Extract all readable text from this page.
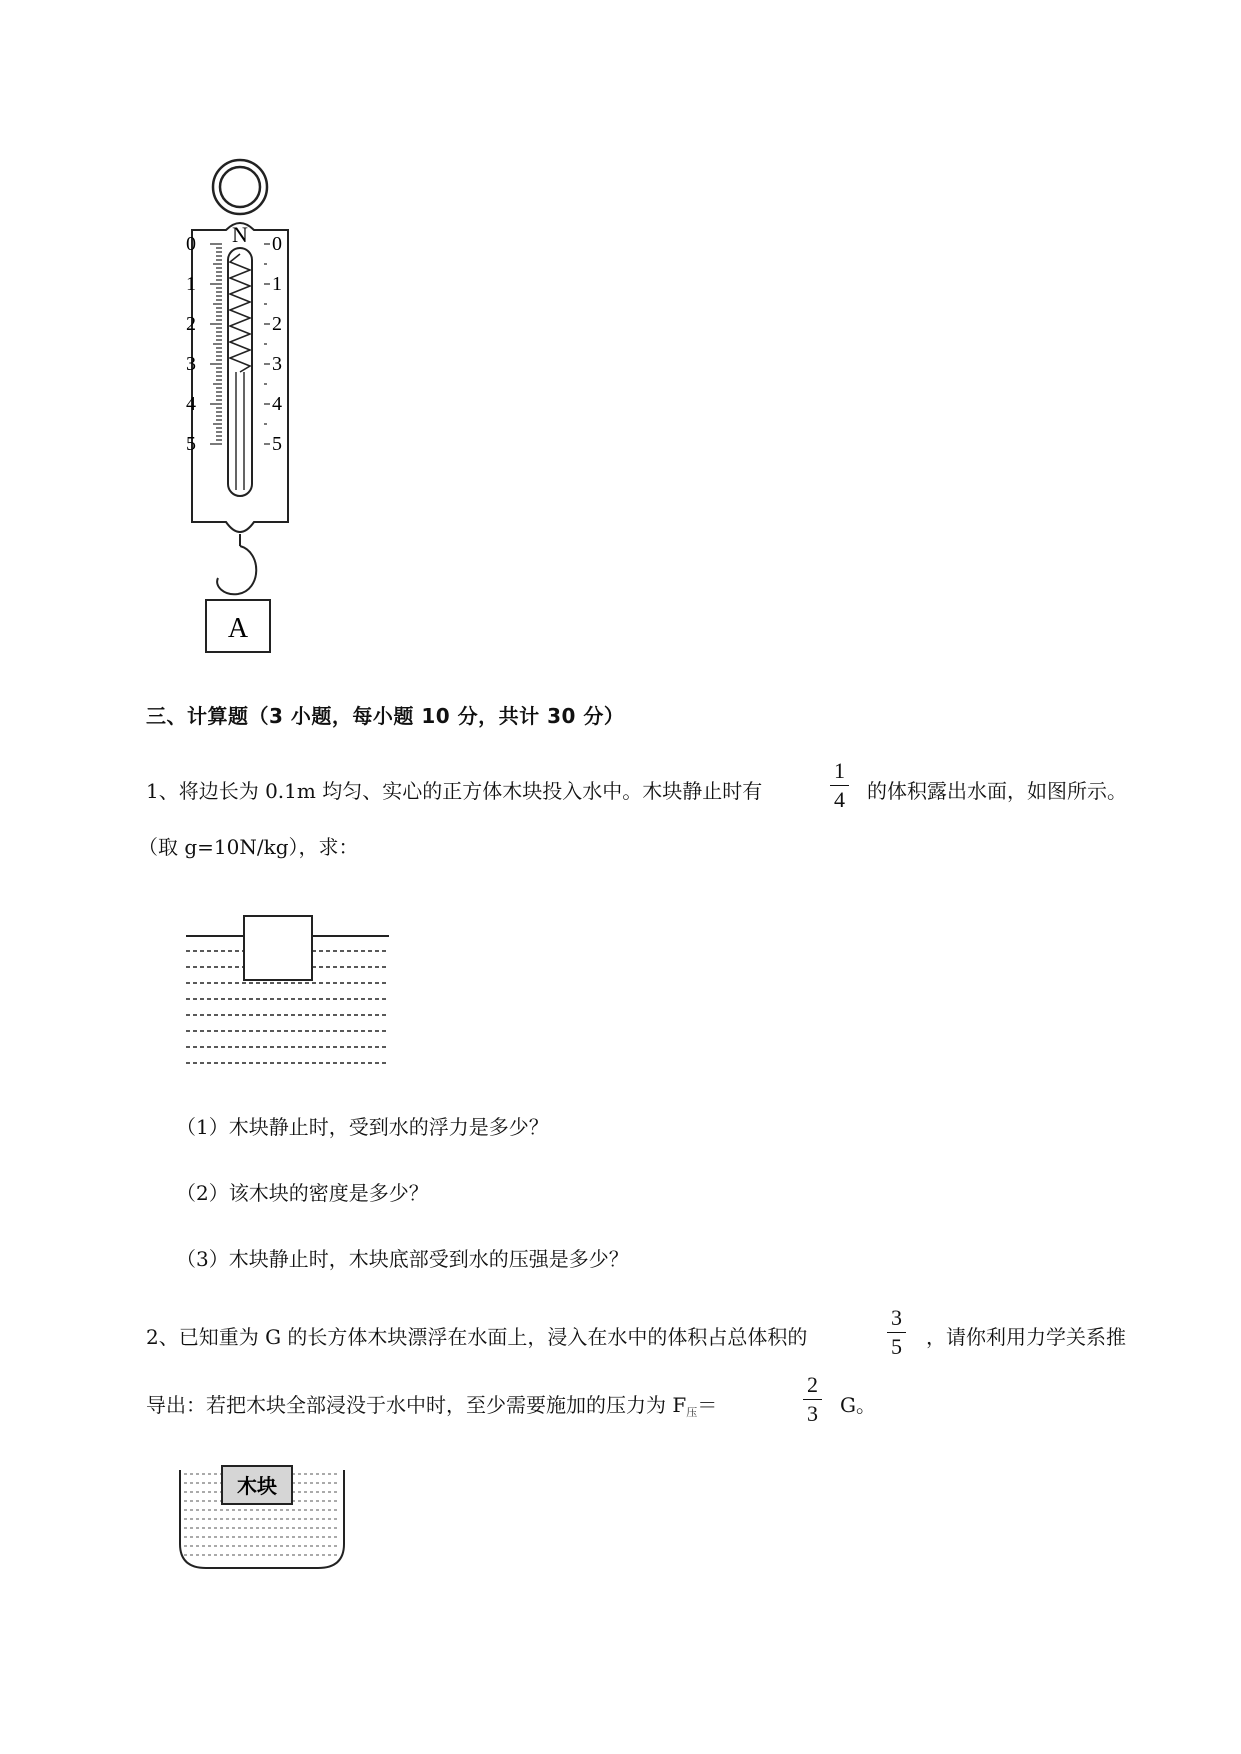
N
0
1
2
3
4
5
0
1
2
3
4
5
A
三、计算题（3 小题，每小题 10 分，共计 30 分）
1、将边长为 0.1m 均匀、实心的正方体木块投入水中。木块静止时有	$\frac{1}{4}$ 的体积露出水面，如图所示。
（取 g=10N/kg），求：
（1）木块静止时，受到水的浮力是多少？
（2）该木块的密度是多少？
（3）木块静止时，木块底部受到水的压强是多少？
2、已知重为 G 的长方体木块漂浮在水面上，浸入在水中的体积占总体积的	$\frac{3}{5}$ ，请你利用力学关系推
导出：若把木块全部浸没于水中时，至少需要施加的压力为 $F_压=$	$\frac{2}{3}$ G。
木块
